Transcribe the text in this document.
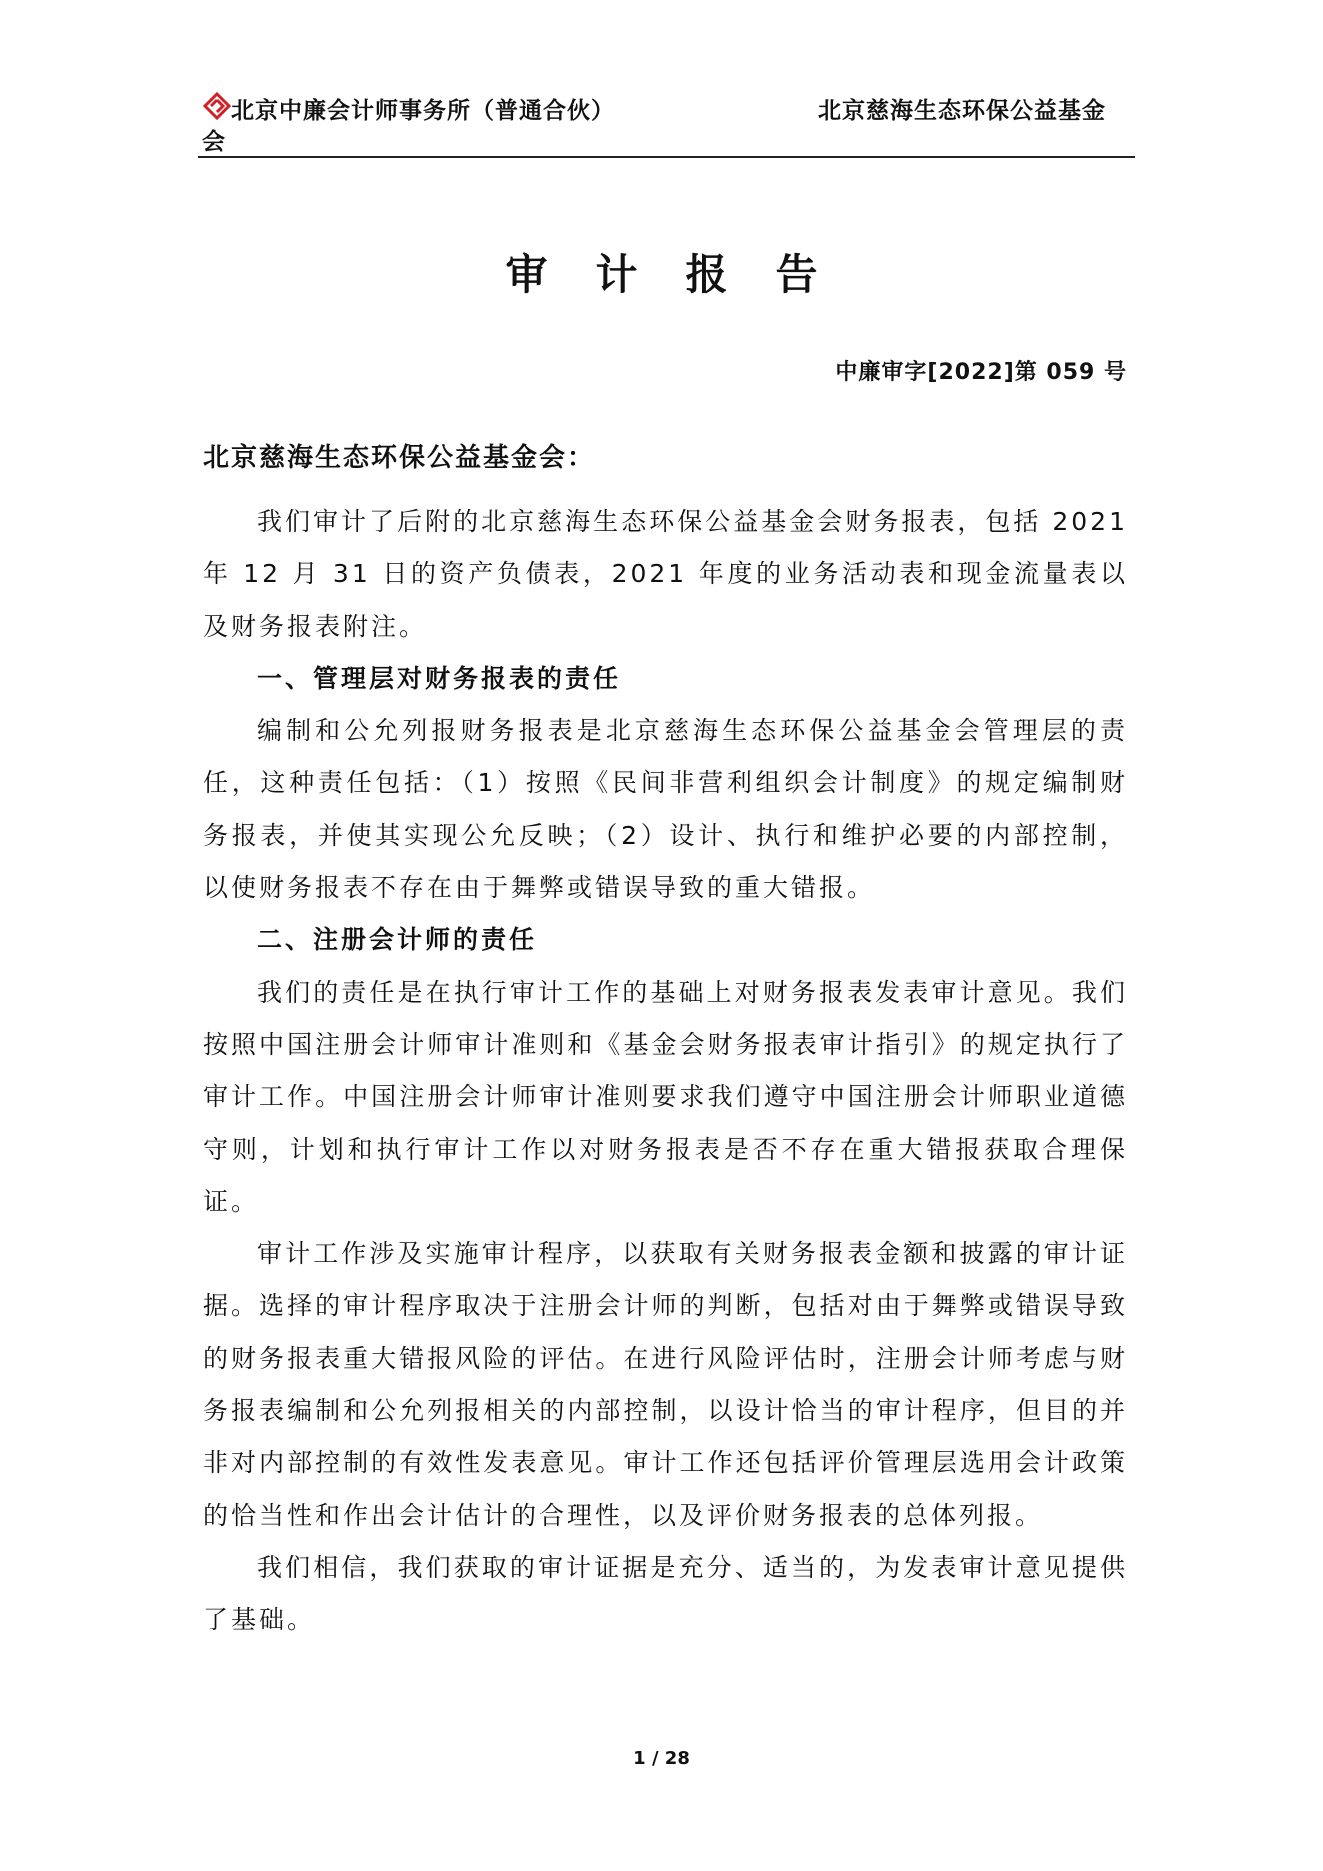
北京中廉会计师事务所（普通合伙）
会
北京慈海生态环保公益基金
审计报告
中廉审字[2022]第 059 号
北京慈海生态环保公益基金会：

我们审计了后附的北京慈海生态环保公益基金会财务报表，包括 2021 年 12 月 31 日的资产负债表，2021 年度的业务活动表和现金流量表以及财务报表附注。

一、管理层对财务报表的责任

编制和公允列报财务报表是北京慈海生态环保公益基金会管理层的责任，这种责任包括：（1）按照《民间非营利组织会计制度》的规定编制财务报表，并使其实现公允反映；（2）设计、执行和维护必要的内部控制，以使财务报表不存在由于舞弊或错误导致的重大错报。

二、注册会计师的责任

我们的责任是在执行审计工作的基础上对财务报表发表审计意见。我们按照中国注册会计师审计准则和《基金会财务报表审计指引》的规定执行了审计工作。中国注册会计师审计准则要求我们遵守中国注册会计师职业道德守则，计划和执行审计工作以对财务报表是否不存在重大错报获取合理保证。

审计工作涉及实施审计程序，以获取有关财务报表金额和披露的审计证据。选择的审计程序取决于注册会计师的判断，包括对由于舞弊或错误导致的财务报表重大错报风险的评估。在进行风险评估时，注册会计师考虑与财务报表编制和公允列报相关的内部控制，以设计恰当的审计程序，但目的并非对内部控制的有效性发表意见。审计工作还包括评价管理层选用会计政策的恰当性和作出会计估计的合理性，以及评价财务报表的总体列报。

我们相信，我们获取的审计证据是充分、适当的，为发表审计意见提供了基础。

1 / 28
